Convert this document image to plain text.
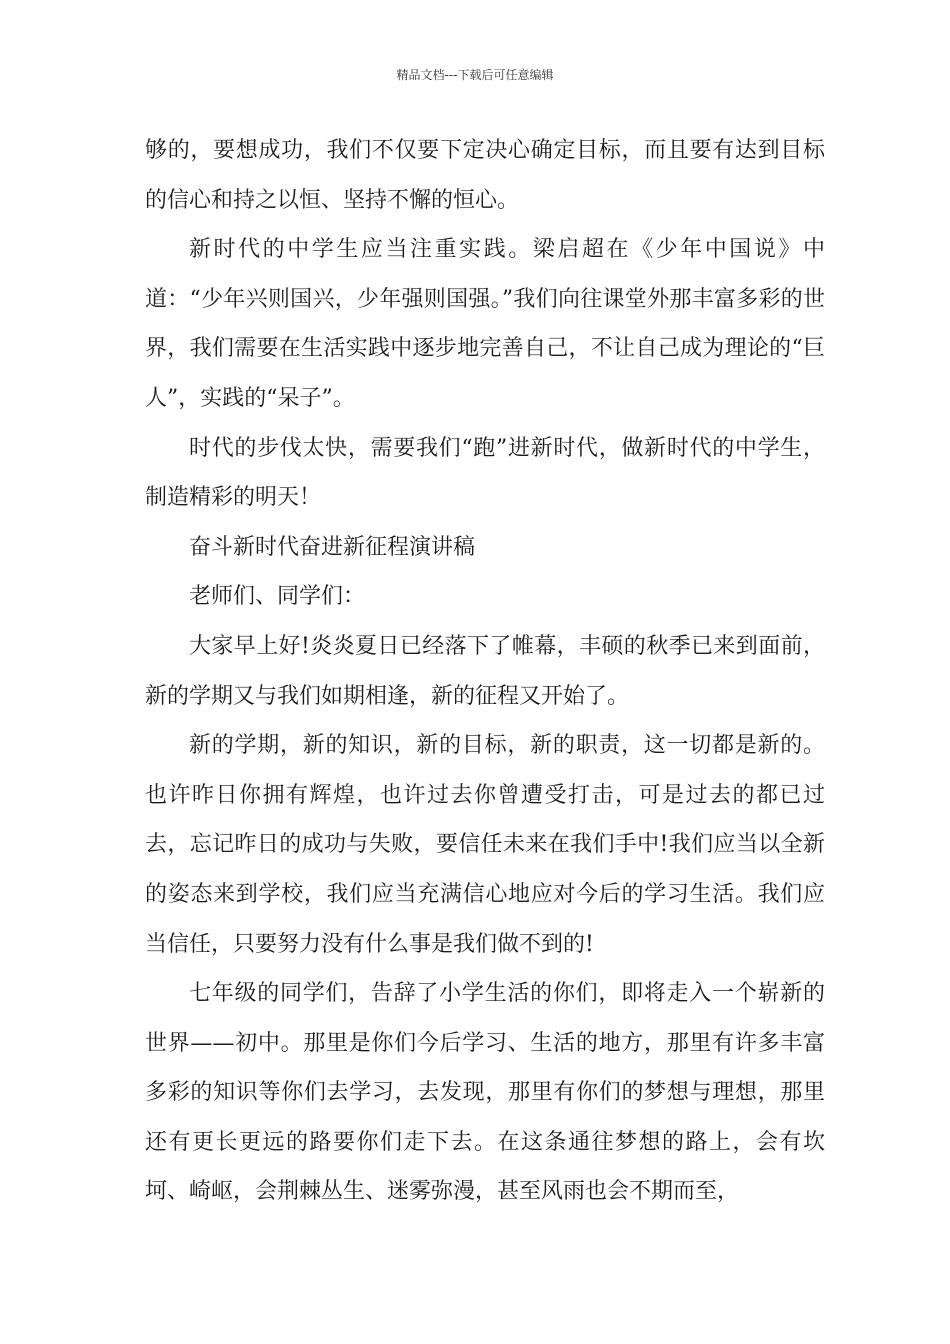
精品文档---下载后可任意编辑

够的，要想成功，我们不仅要下定决心确定目标，而且要有达到目标的信心和持之以恒、坚持不懈的恒心。

新时代的中学生应当注重实践。梁启超在《少年中国说》中道：“少年兴则国兴，少年强则国强。”我们向往课堂外那丰富多彩的世界，我们需要在生活实践中逐步地完善自己，不让自己成为理论的“巨人”，实践的“呆子”。

时代的步伐太快，需要我们“跑”进新时代，做新时代的中学生，制造精彩的明天！

奋斗新时代奋进新征程演讲稿

老师们、同学们：

大家早上好!炎炎夏日已经落下了帷幕，丰硕的秋季已来到面前，新的学期又与我们如期相逢，新的征程又开始了。

新的学期，新的知识，新的目标，新的职责，这一切都是新的。也许昨日你拥有辉煌，也许过去你曾遭受打击，可是过去的都已过去，忘记昨日的成功与失败，要信任未来在我们手中!我们应当以全新的姿态来到学校，我们应当充满信心地应对今后的学习生活。我们应当信任，只要努力没有什么事是我们做不到的!

七年级的同学们，告辞了小学生活的你们，即将走入一个崭新的世界——初中。那里是你们今后学习、生活的地方，那里有许多丰富多彩的知识等你们去学习，去发现，那里有你们的梦想与理想，那里还有更长更远的路要你们走下去。在这条通往梦想的路上，会有坎坷、崎岖，会荆棘丛生、迷雾弥漫，甚至风雨也会不期而至，
